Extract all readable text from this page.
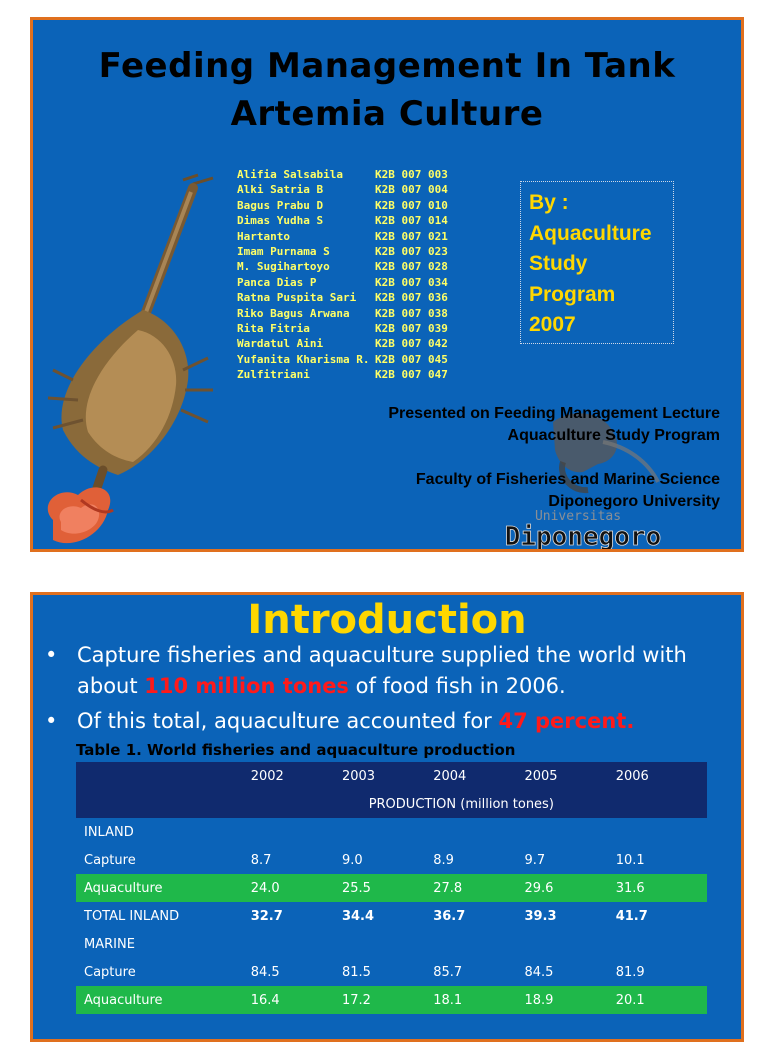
Feeding Management In Tank
Artemia Culture
Alifia Salsabila	K2B 007 003
Alki Satria B	K2B 007 004
Bagus Prabu D	K2B 007 010
Dimas Yudha S	K2B 007 014
Hartanto	K2B 007 021
Imam Purnama S	K2B 007 023
M. Sugihartoyo	K2B 007 028
Panca Dias P	K2B 007 034
Ratna Puspita Sari	K2B 007 036
Riko Bagus Arwana	K2B 007 038
Rita Fitria	K2B 007 039
Wardatul Aini	K2B 007 042
Yufanita Kharisma R. K2B 007 045
Zulfitriani	K2B 007 047
By :
Aquaculture
Study
Program
2007
Universitas
Diponegoro
Presented on Feeding Management Lecture
Aquaculture Study Program
Faculty of Fisheries and Marine Science
Diponegoro University
Introduction
• Capture fisheries and aquaculture supplied the world with about 110 million tones of food fish in 2006.
• Of this total, aquaculture accounted for 47 percent.
Table 1. World fisheries and aquaculture production
	2002	2003	2004	2005	2006
	PRODUCTION (million tones)				
INLAND					
Capture	8.7	9.0	8.9	9.7	10.1
Aquaculture	24.0	25.5	27.8	29.6	31.6
TOTAL INLAND	32.7	34.4	36.7	39.3	41.7
MARINE					
Capture	84.5	81.5	85.7	84.5	81.9
Aquaculture	16.4	17.2	18.1	18.9	20.1
